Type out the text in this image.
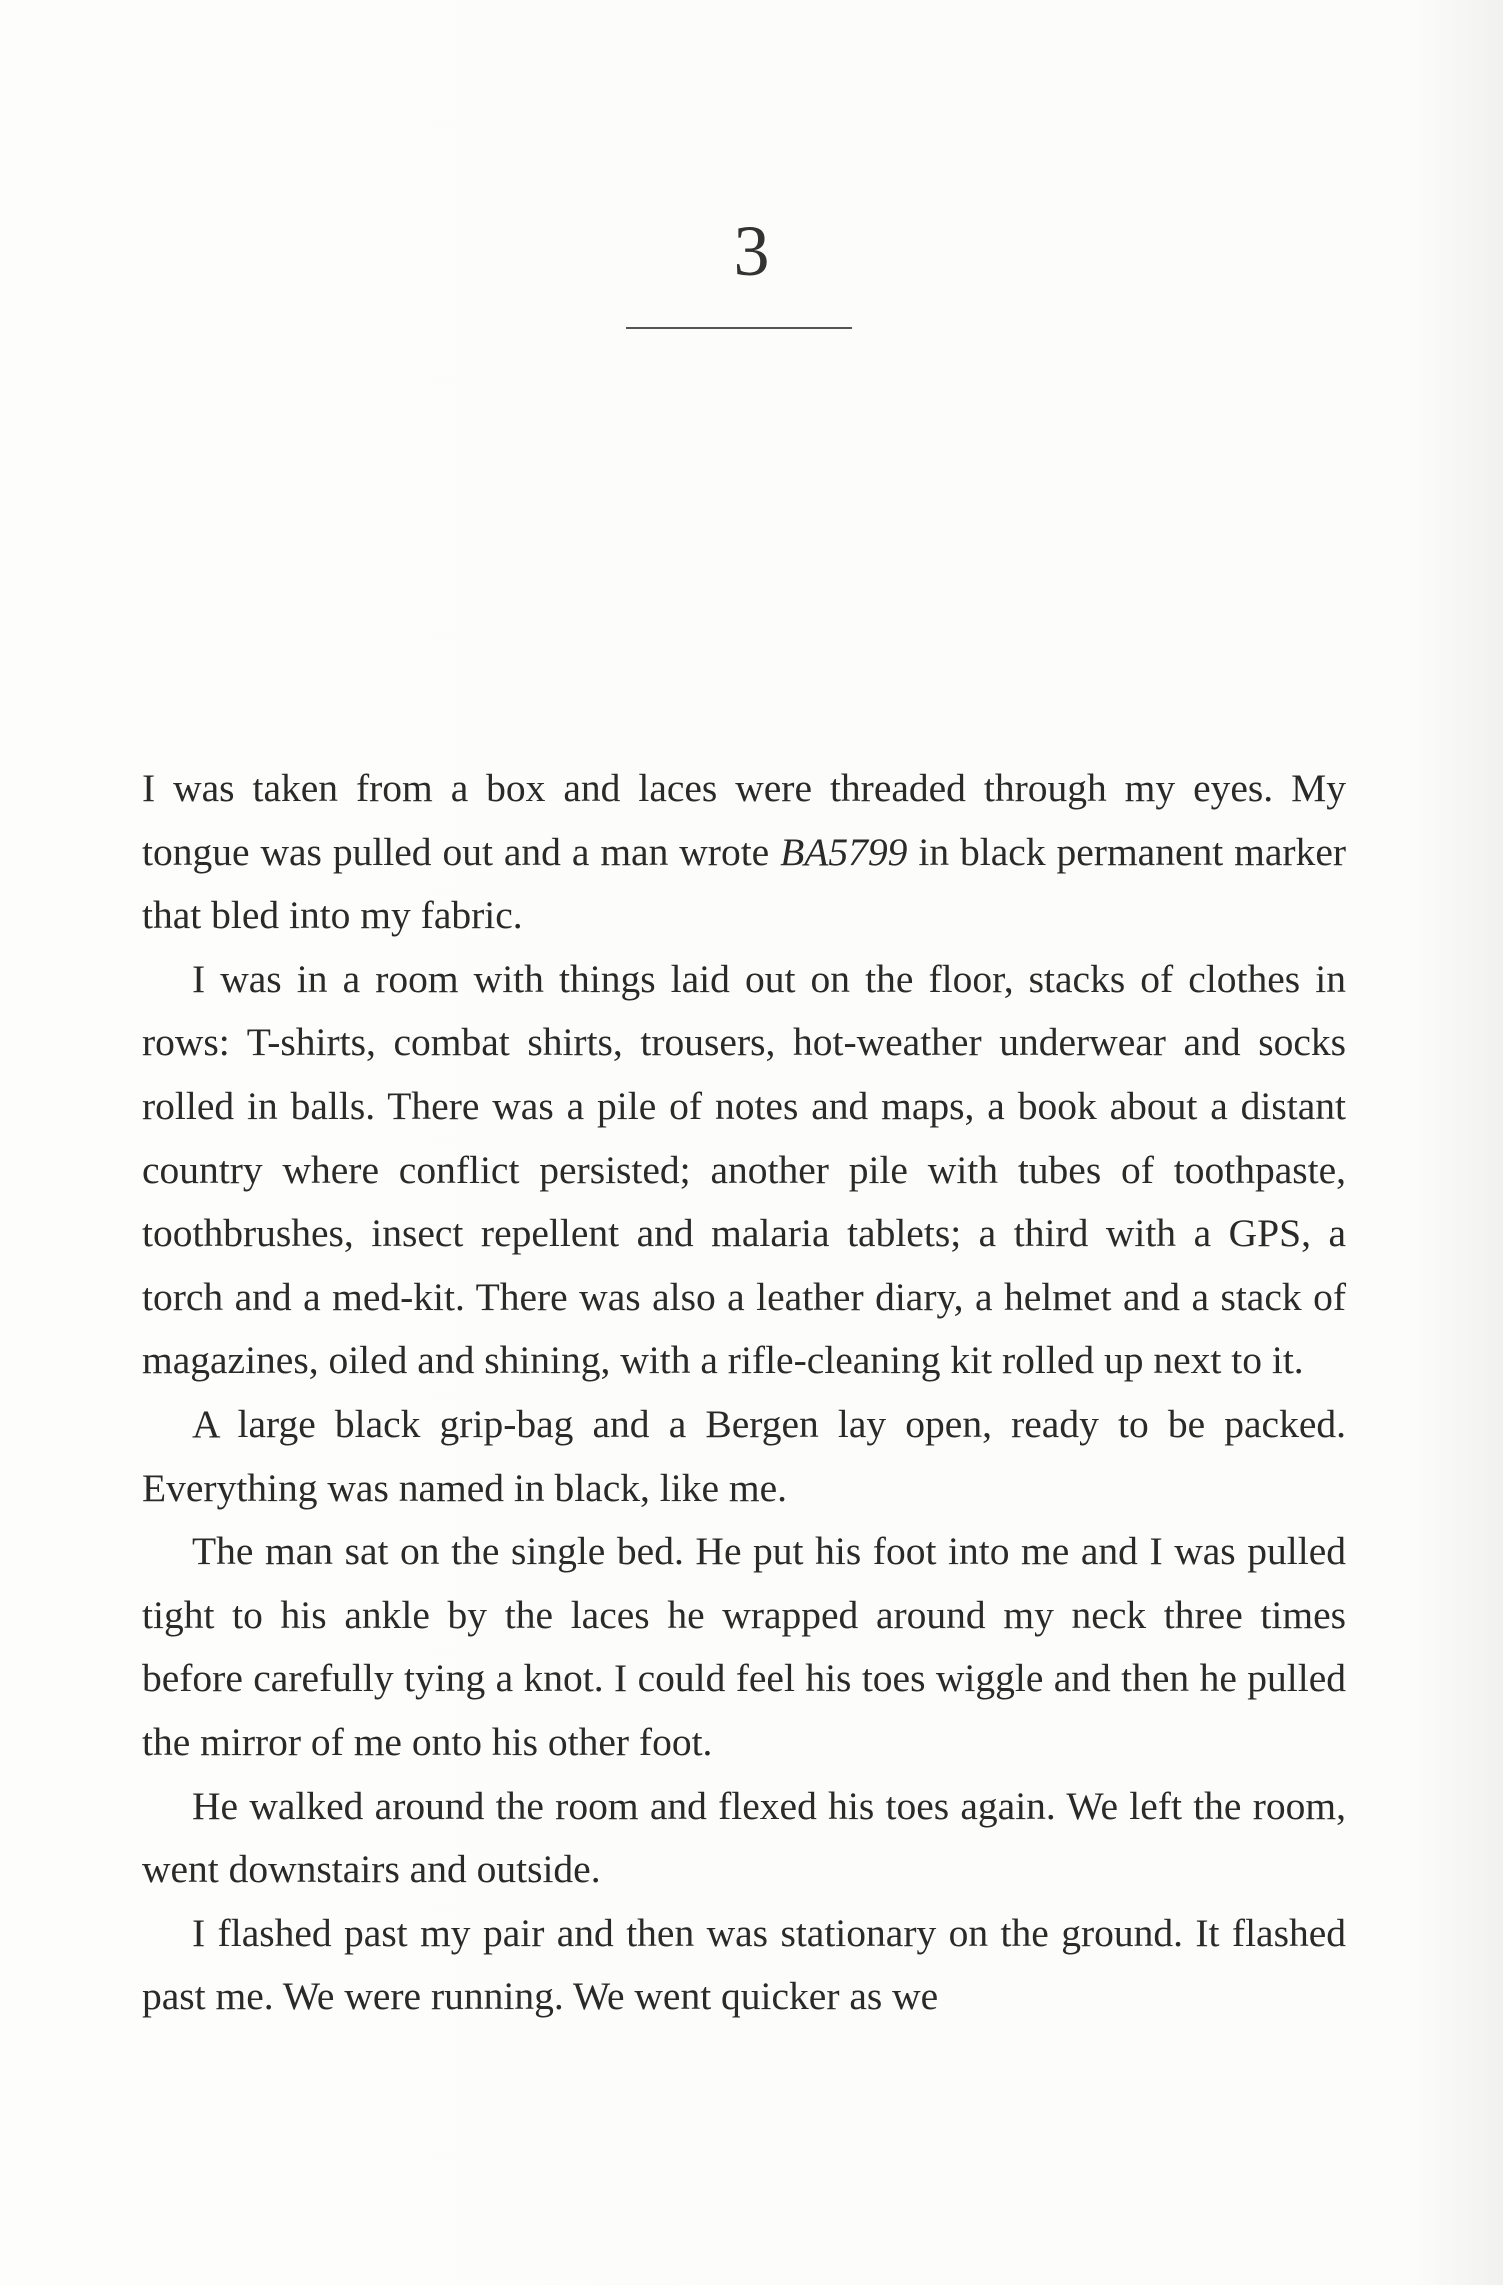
3

I was taken from a box and laces were threaded through my eyes. My tongue was pulled out and a man wrote BA5799 in black permanent marker that bled into my fabric.

I was in a room with things laid out on the floor, stacks of clothes in rows: T-shirts, combat shirts, trousers, hot-weather underwear and socks rolled in balls. There was a pile of notes and maps, a book about a distant country where conflict persisted; another pile with tubes of toothpaste, toothbrushes, insect repellent and malaria tablets; a third with a GPS, a torch and a med-kit. There was also a leather diary, a helmet and a stack of magazines, oiled and shining, with a rifle-cleaning kit rolled up next to it.

A large black grip-bag and a Bergen lay open, ready to be packed. Everything was named in black, like me.

The man sat on the single bed. He put his foot into me and I was pulled tight to his ankle by the laces he wrapped around my neck three times before carefully tying a knot. I could feel his toes wiggle and then he pulled the mirror of me onto his other foot.

He walked around the room and flexed his toes again. We left the room, went downstairs and outside.

I flashed past my pair and then was stationary on the ground. It flashed past me. We were running. We went quicker as we
